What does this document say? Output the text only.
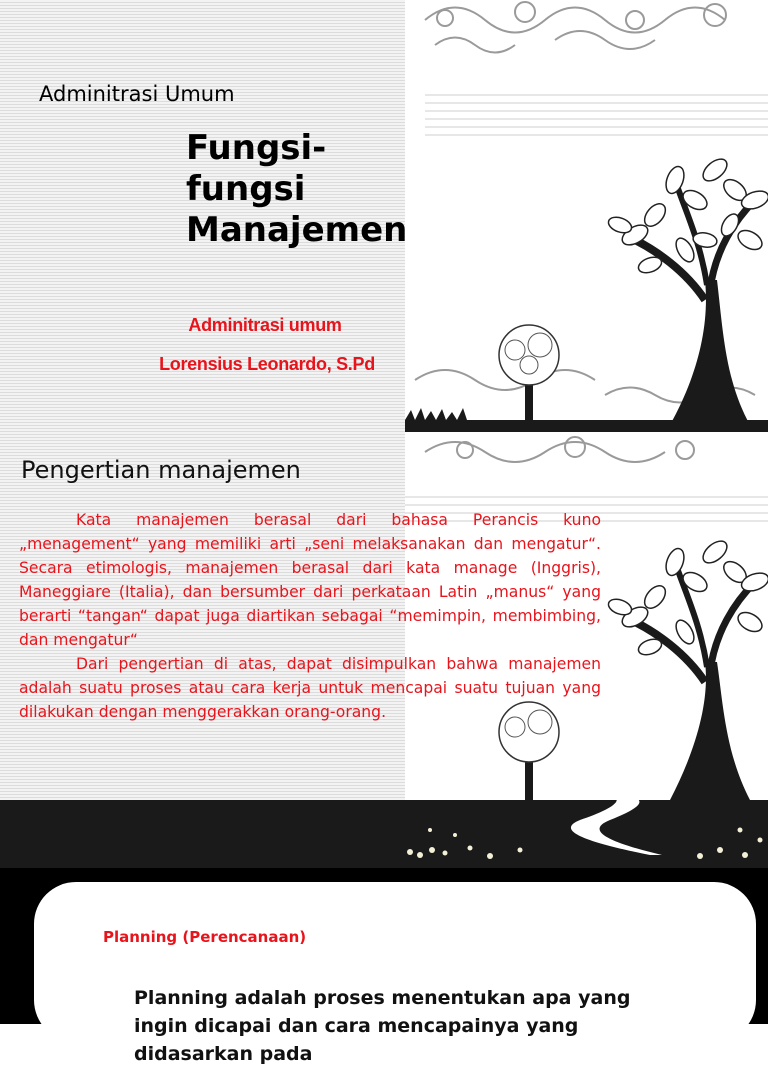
Adminitrasi Umum
Fungsi-fungsi Manajemen
Adminitrasi umum
Lorensius Leonardo, S.Pd
Pengertian manajemen

Kata manajemen berasal dari bahasa Perancis kuno „menagement“ yang memiliki arti „seni melaksanakan dan mengatur“. Secara etimologis, manajemen berasal dari kata manage (Inggris), Maneggiare (Italia), dan bersumber dari perkataan Latin „manus“ yang berarti “tangan“ dapat juga diartikan sebagai “memimpin, membimbing, dan mengatur“

Dari pengertian di atas, dapat disimpulkan bahwa manajemen adalah suatu proses atau cara kerja untuk mencapai suatu tujuan yang dilakukan dengan menggerakkan orang-orang.

Planning (Perencanaan)
Planning adalah proses menentukan apa yang ingin dicapai dan cara mencapainya yang didasarkan pada
